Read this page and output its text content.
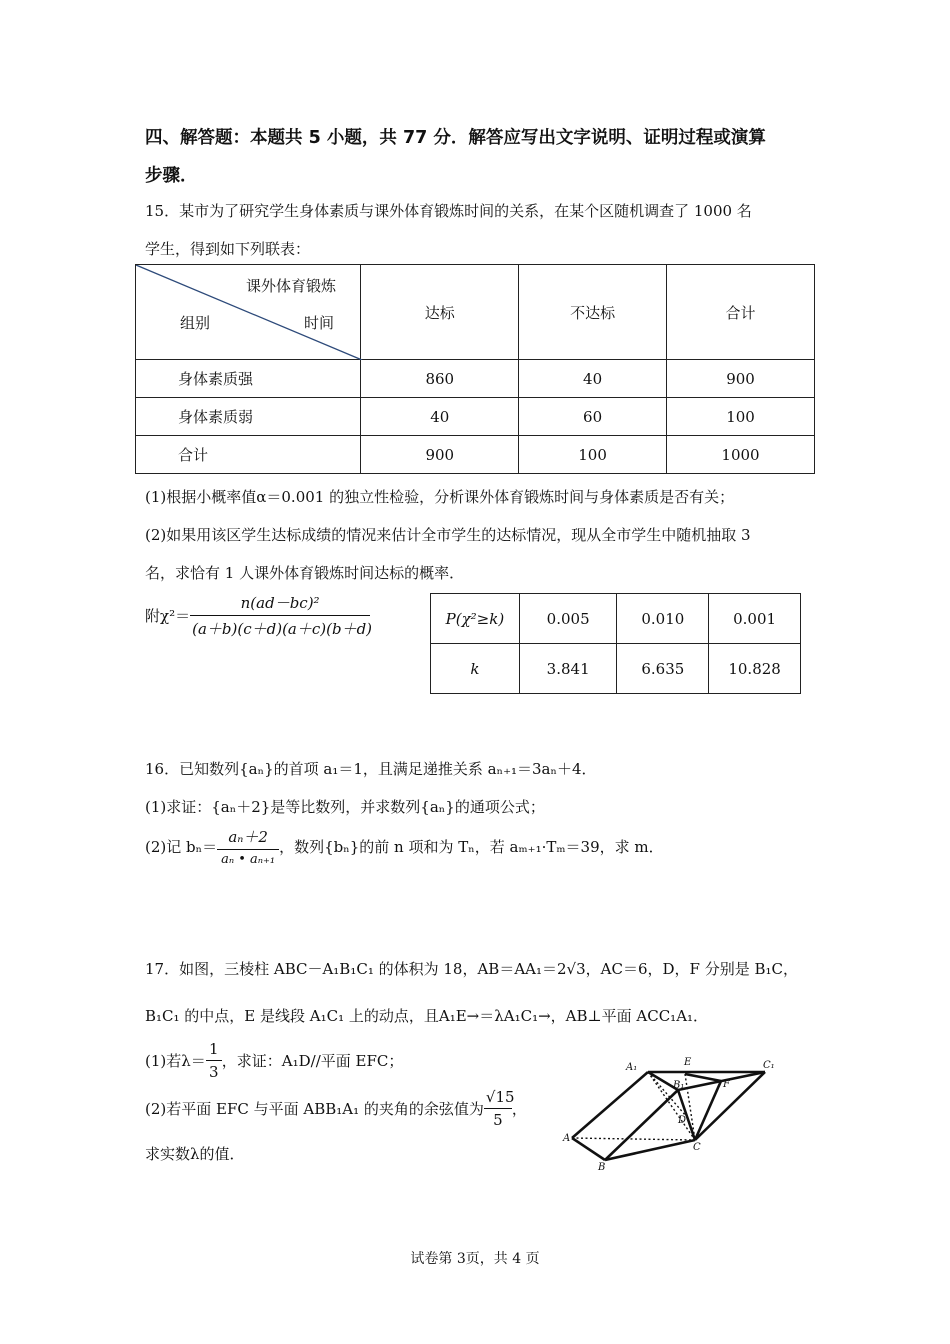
四、解答题：本题共 5 小题，共 77 分．解答应写出文字说明、证明过程或演算
步骤．
15．某市为了研究学生身体素质与课外体育锻炼时间的关系，在某个区随机调查了 1000 名
学生，得到如下列联表：
课外体育锻炼
组别 时间	达标	不达标	合计
身体素质强	860	40	900
身体素质弱	40	60	100
合计	900	100	1000
(1)根据小概率值α＝0.001 的独立性检验，分析课外体育锻炼时间与身体素质是否有关；
(2)如果用该区学生达标成绩的情况来估计全市学生的达标情况，现从全市学生中随机抽取 3
名，求恰有 1 人课外体育锻炼时间达标的概率．
附$\chi^2= \frac{\text{n(ad－bc)²}}{(a+b)(c+d)(a+c)(b+d)}$	P(χ²≥k)	0.005	0.010	0.001
k	3.841	6.635	10.828
16．已知数列{aₙ}的首项 a₁＝1，且满足递推关系 aₙ₊₁＝3aₙ＋4．
(1)求证：{aₙ＋2}是等比数列，并求数列{aₙ}的通项公式；
(2)记 $b_n= \frac{\text{aₙ＋2}}{\text{aₙ • aₙ₊₁}}$ ，数列{bₙ}的前 n 项和为 Tₙ，若 aₘ₊₁·Tₘ＝39，求 m．
17．如图，三棱柱 ABC－A₁B₁C₁ 的体积为 18，AB＝AA₁＝2√3，AC＝6，D，F 分别是 B₁C，
B₁C₁ 的中点，E 是线段 A₁C₁ 上的动点，且A₁E→＝λA₁C₁→，AB⊥平面 ACC₁A₁．
(1)若$\lambda= \frac{1}{3}$ ，求证：A₁D//平面 EFC；
(2)若平面 EFC 与平面 ABB₁A₁ 的夹角的余弦值为 $\frac{√15}{5}$ ，
求实数λ的值．
A₁	E	C₁
B₁	F
D
A
C
B
试卷第 3页，共 4 页
